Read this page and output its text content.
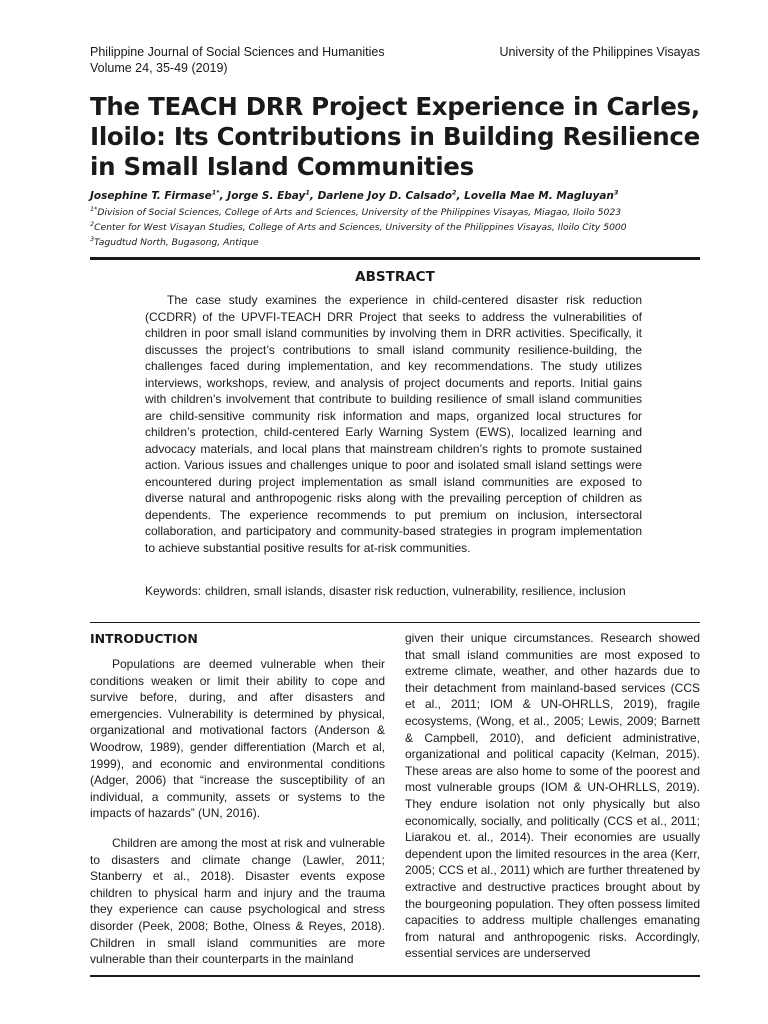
Philippine Journal of Social Sciences and Humanities
Volume 24, 35-49 (2019)
University of the Philippines Visayas
The TEACH DRR Project Experience in Carles, Iloilo: Its Contributions in Building Resilience in Small Island Communities
Josephine T. Firmase$^{1*}$, Jorge S. Ebay$^1$, Darlene Joy D. Calsado$^2$, Lovella Mae M. Magluyan$^3$
$^{1*}$Division of Social Sciences, College of Arts and Sciences, University of the Philippines Visayas, Miagao, Iloilo 5023
$^2$Center for West Visayan Studies, College of Arts and Sciences, University of the Philippines Visayas, Iloilo City 5000
$^3$Tagudtud North, Bugasong, Antique
ABSTRACT

The case study examines the experience in child-centered disaster risk reduction (CCDRR) of the UPVFI-TEACH DRR Project that seeks to address the vulnerabilities of children in poor small island communities by involving them in DRR activities. Specifically, it discusses the project’s contributions to small island community resilience-building, the challenges faced during implementation, and key recommendations. The study utilizes interviews, workshops, review, and analysis of project documents and reports. Initial gains with children’s involvement that contribute to building resilience of small island communities are child-sensitive community risk information and maps, organized local structures for children’s protection, child-centered Early Warning System (EWS), localized learning and advocacy materials, and local plans that mainstream children’s rights to promote sustained action. Various issues and challenges unique to poor and isolated small island settings were encountered during project implementation as small island communities are exposed to diverse natural and anthropogenic risks along with the prevailing perception of children as dependents. The experience recommends to put premium on inclusion, intersectoral collaboration, and participatory and community-based strategies in program implementation to achieve substantial positive results for at-risk communities.

Keywords: children, small islands, disaster risk reduction, vulnerability, resilience, inclusion
INTRODUCTION

Populations are deemed vulnerable when their conditions weaken or limit their ability to cope and survive before, during, and after disasters and emergencies. Vulnerability is determined by physical, organizational and motivational factors (Anderson & Woodrow, 1989), gender differentiation (March et al, 1999), and economic and environmental conditions (Adger, 2006) that “increase the susceptibility of an individual, a community, assets or systems to the impacts of hazards” (UN, 2016).

Children are among the most at risk and vulnerable to disasters and climate change (Lawler, 2011; Stanberry et al., 2018). Disaster events expose children to physical harm and injury and the trauma they experience can cause psychological and stress disorder (Peek, 2008; Bothe, Olness & Reyes, 2018). Children in small island communities are more vulnerable than their counterparts in the mainland

given their unique circumstances. Research showed that small island communities are most exposed to extreme climate, weather, and other hazards due to their detachment from mainland-based services (CCS et al., 2011; IOM & UN-OHRLLS, 2019), fragile ecosystems, (Wong, et al., 2005; Lewis, 2009; Barnett & Campbell, 2010), and deficient administrative, organizational and political capacity (Kelman, 2015). These areas are also home to some of the poorest and most vulnerable groups (IOM & UN-OHRLLS, 2019). They endure isolation not only physically but also economically, socially, and politically (CCS et al., 2011; Liarakou et. al., 2014). Their economies are usually dependent upon the limited resources in the area (Kerr, 2005; CCS et al., 2011) which are further threatened by extractive and destructive practices brought about by the bourgeoning population. They often possess limited capacities to address multiple challenges emanating from natural and anthropogenic risks. Accordingly, essential services are underserved
